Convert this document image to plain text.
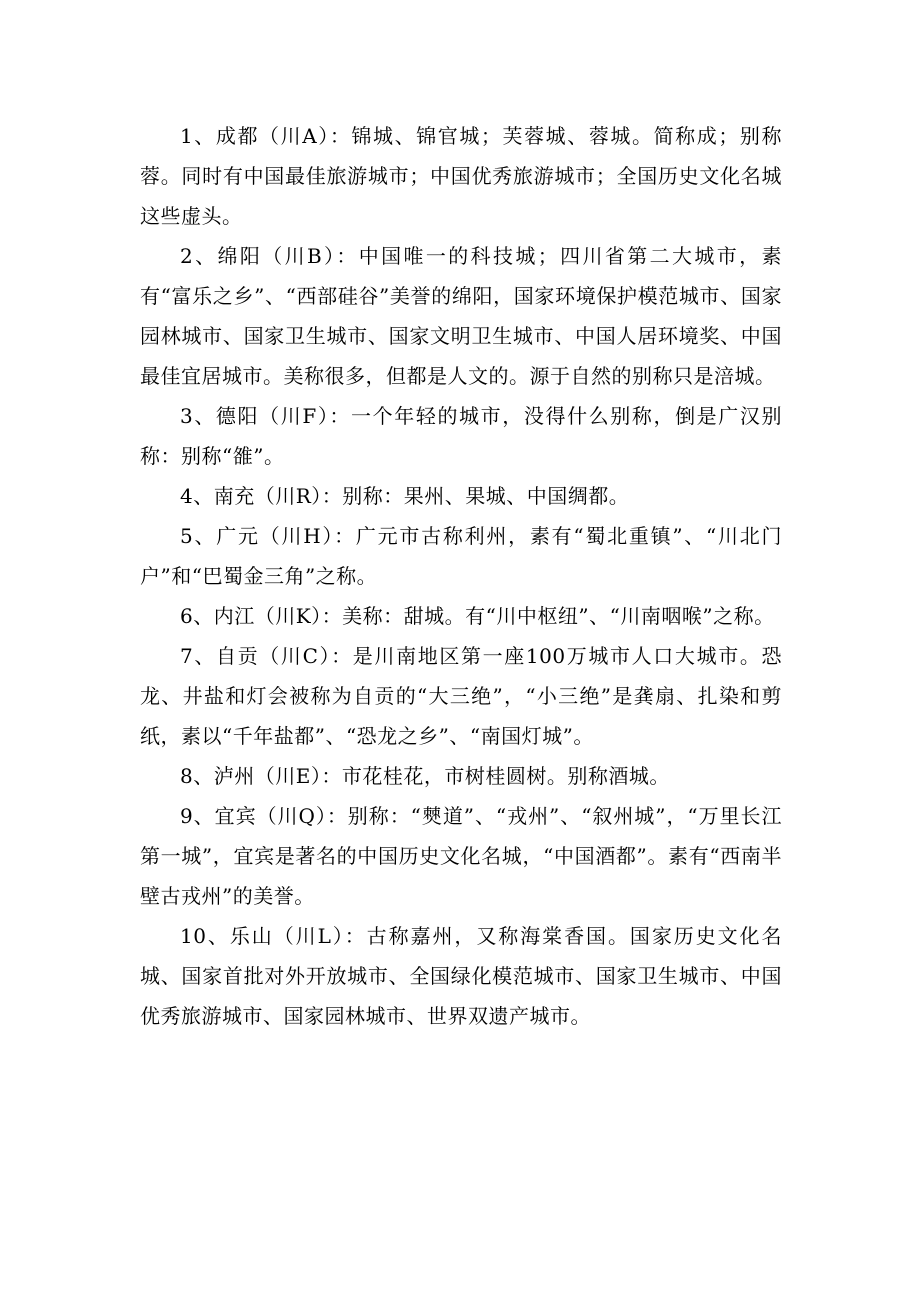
1、成都（川A）：锦城、锦官城；芙蓉城、蓉城。简称成；别称蓉。同时有中国最佳旅游城市；中国优秀旅游城市；全国历史文化名城这些虚头。

2、绵阳（川B）：中国唯一的科技城；四川省第二大城市，素有“富乐之乡”、“西部硅谷”美誉的绵阳，国家环境保护模范城市、国家园林城市、国家卫生城市、国家文明卫生城市、中国人居环境奖、中国最佳宜居城市。美称很多，但都是人文的。源于自然的别称只是涪城。

3、德阳（川F）：一个年轻的城市，没得什么别称，倒是广汉别称：别称“雒”。

4、南充（川R）：别称：果州、果城、中国绸都。

5、广元（川H）：广元市古称利州，素有“蜀北重镇”、“川北门户”和“巴蜀金三角”之称。

6、内江（川K）：美称：甜城。有“川中枢纽”、“川南咽喉”之称。

7、自贡（川C）：是川南地区第一座100万城市人口大城市。恐龙、井盐和灯会被称为自贡的“大三绝”，“小三绝”是龚扇、扎染和剪纸，素以“千年盐都”、“恐龙之乡”、“南国灯城”。

8、泸州（川E）：市花桂花，市树桂圆树。别称酒城。

9、宜宾（川Q）：别称：“僰道”、“戎州”、“叙州城”，“万里长江第一城”，宜宾是著名的中国历史文化名城，“中国酒都”。素有“西南半壁古戎州”的美誉。

10、乐山（川L）：古称嘉州，又称海棠香国。国家历史文化名城、国家首批对外开放城市、全国绿化模范城市、国家卫生城市、中国优秀旅游城市、国家园林城市、世界双遗产城市。
